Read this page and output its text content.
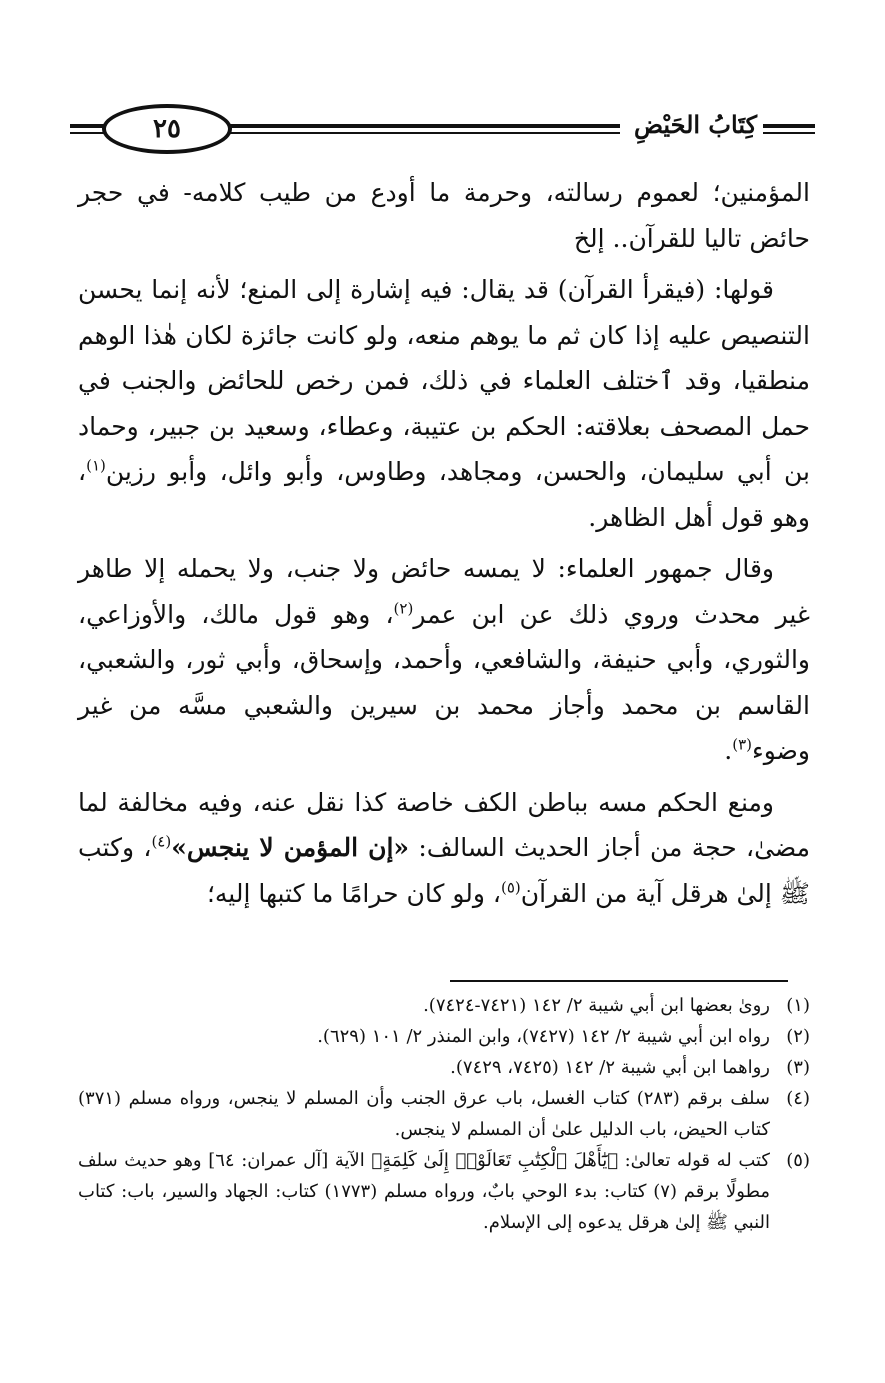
٢٥	كِتَابُ الحَيْضِ

المؤمنين؛ لعموم رسالته، وحرمة ما أودع من طيب كلامه- في حجر حائض تاليا للقرآن.. إلخ

قولها: (فيقرأ القرآن) قد يقال: فيه إشارة إلى المنع؛ لأنه إنما يحسن التنصيص عليه إذا كان ثم ما يوهم منعه، ولو كانت جائزة لكان هٰذا الوهم منطقيا، وقد ٱختلف العلماء في ذلك، فمن رخص للحائض والجنب في حمل المصحف بعلاقته: الحكم بن عتيبة، وعطاء، وسعيد بن جبير، وحماد بن أبي سليمان، والحسن، ومجاهد، وطاوس، وأبو وائل، وأبو رزين$^{(١)}$، وهو قول أهل الظاهر.

وقال جمهور العلماء: لا يمسه حائض ولا جنب، ولا يحمله إلا طاهر غير محدث وروي ذلك عن ابن عمر$^{(٢)}$، وهو قول مالك، والأوزاعي، والثوري، وأبي حنيفة، والشافعي، وأحمد، وإسحاق، وأبي ثور، والشعبي، القاسم بن محمد وأجاز محمد بن سيرين والشعبي مسَّه من غير وضوء$^{(٣)}$.

ومنع الحكم مسه بباطن الكف خاصة كذا نقل عنه، وفيه مخالفة لما مضىٰ، حجة من أجاز الحديث السالف: «إن المؤمن لا ينجس»$^{(٤)}$، وكتب ﷺ إلىٰ هرقل آية من القرآن$^{(٥)}$، ولو كان حرامًا ما كتبها إليه؛

(١)
رویٰ بعضها ابن أبي شيبة ٢/ ١٤٢ (٧٤٢١-٧٤٢٤).
(٢)
رواه ابن أبي شيبة ٢/ ١٤٢ (٧٤٢٧)، وابن المنذر ٢/ ١٠١ (٦٢٩).
(٣)
رواهما ابن أبي شيبة ٢/ ١٤٢ (٧٤٢٥، ٧٤٢٩).
(٤)
سلف برقم (٢٨٣) كتاب الغسل، باب عرق الجنب وأن المسلم لا ينجس، ورواه مسلم (٣٧١) كتاب الحيض، باب الدليل علىٰ أن المسلم لا ينجس.
(٥)
كتب له قوله تعالىٰ: ﴿يَٰٓأَهْلَ ٱلْكِتَٰبِ تَعَالَوْا۟ إِلَىٰ كَلِمَةٍ﴾ الآية [آل عمران: ٦٤] وهو حديث سلف مطولًا برقم (٧) كتاب: بدء الوحي بابٌ، ورواه مسلم (١٧٧٣) كتاب: الجهاد والسير، باب: كتاب النبي ﷺ إلىٰ هرقل يدعوه إلى الإسلام.
